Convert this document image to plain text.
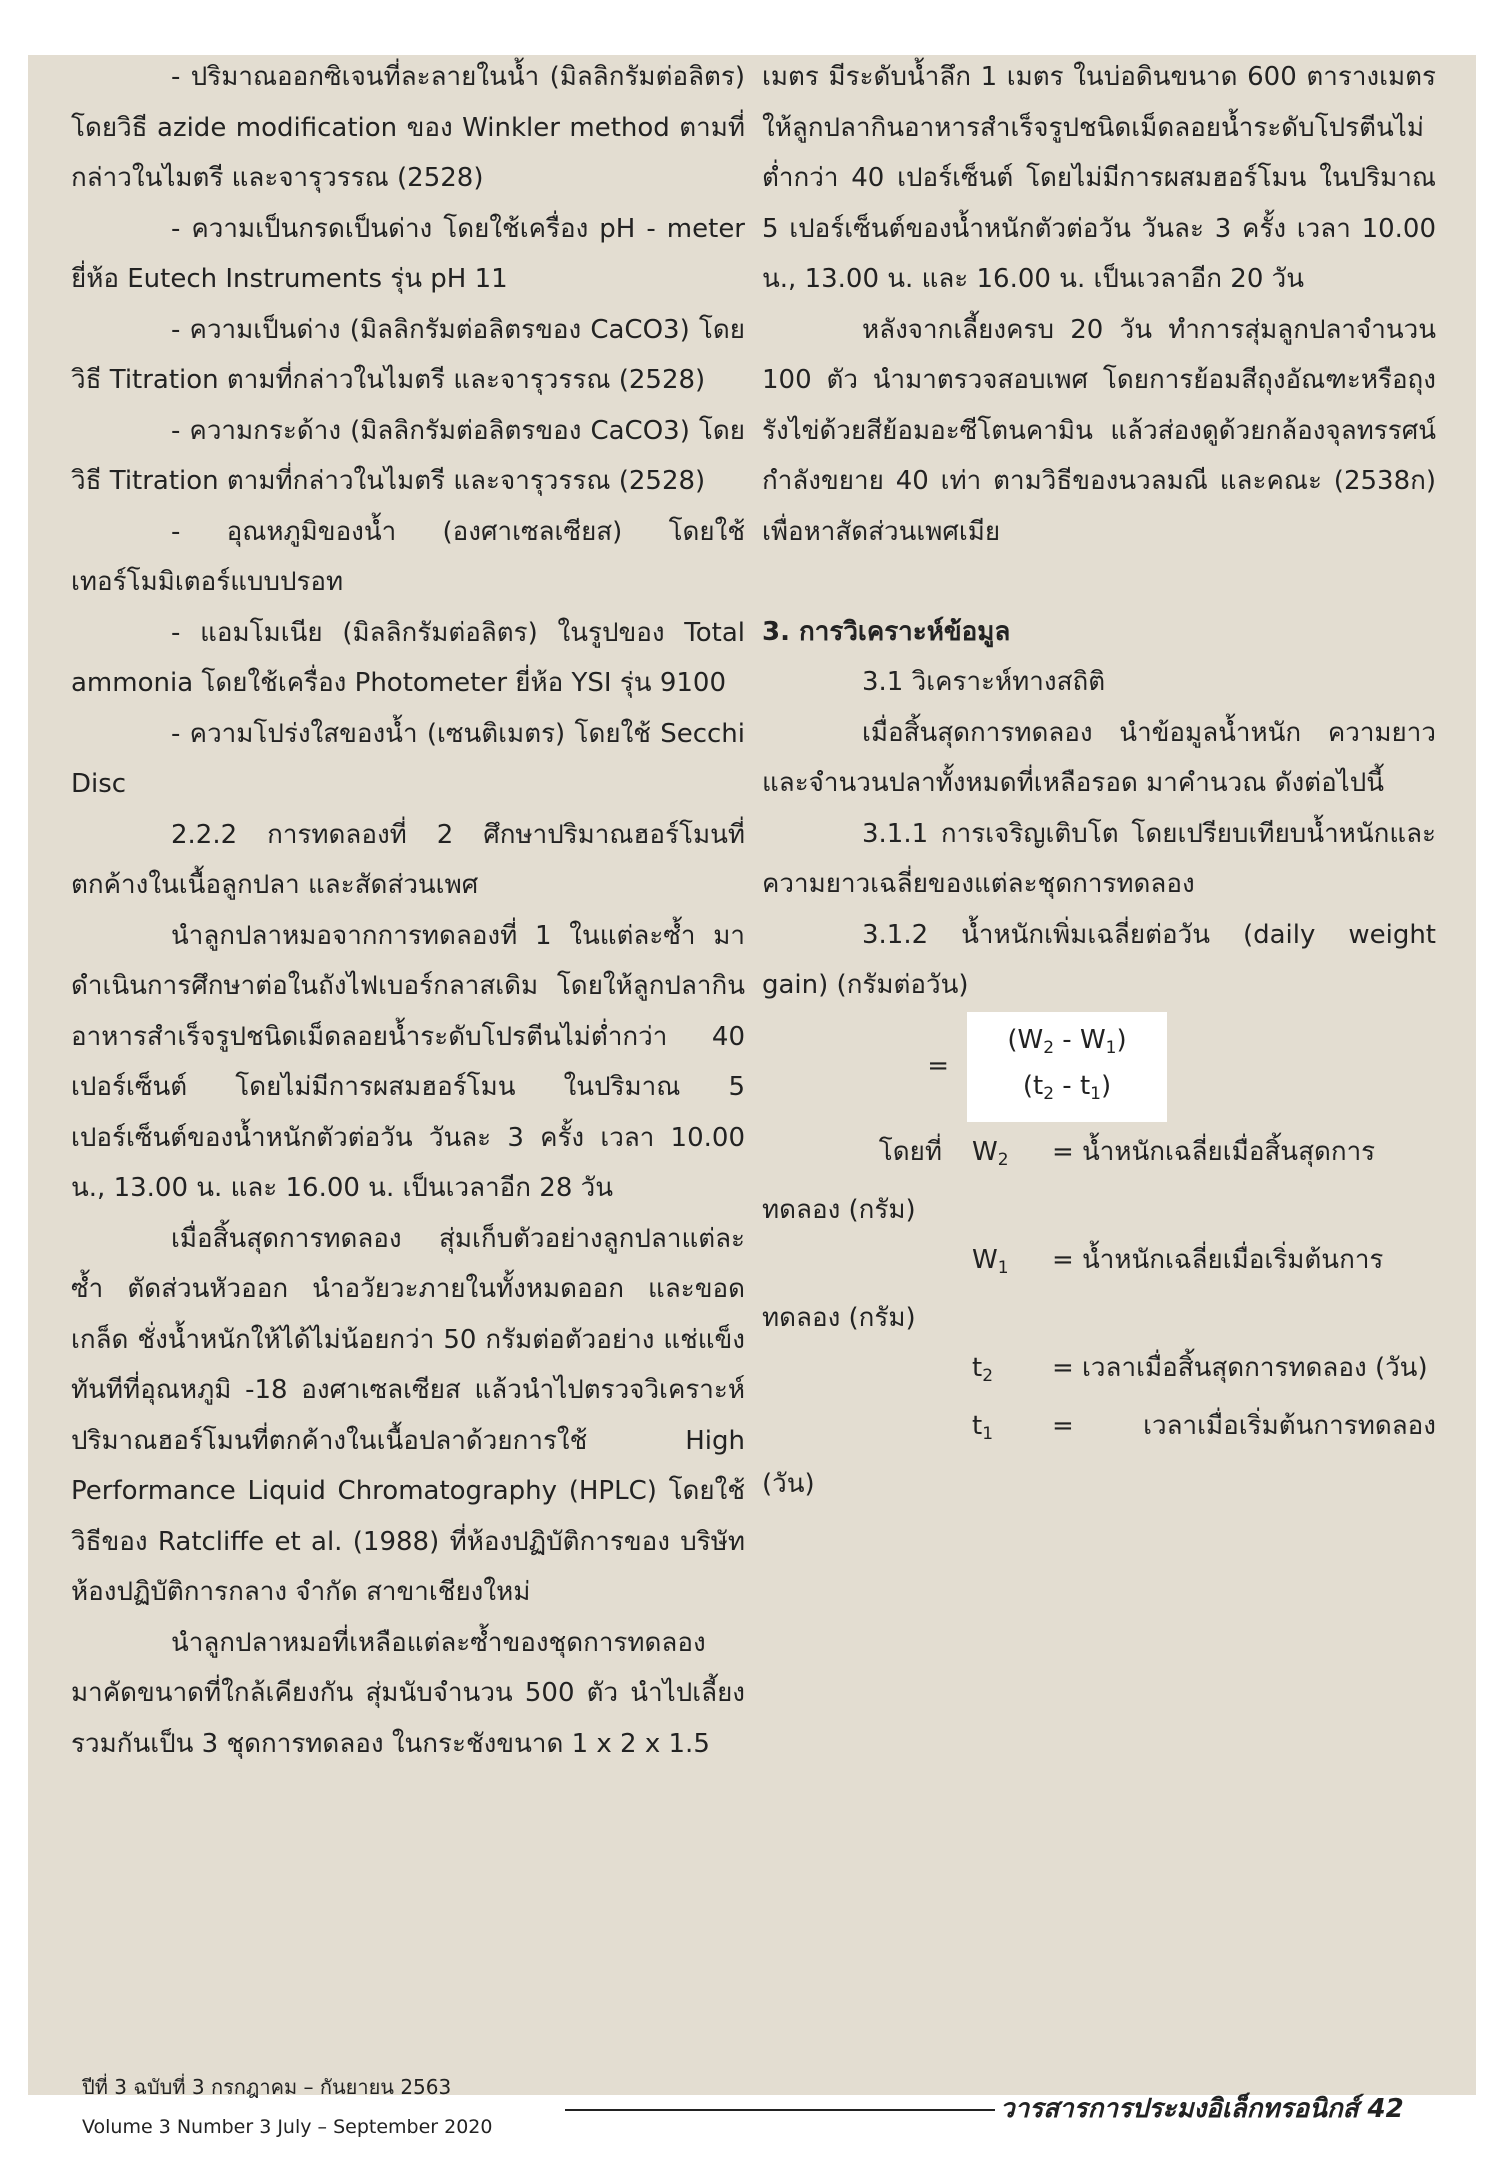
- ปริมาณออกซิเจนที่ละลายในน้ำ (มิลลิกรัมต่อลิตร) โดยวิธี azide modification ของ Winkler method ตามที่กล่าวในไมตรี และจารุวรรณ (2528)

- ความเป็นกรดเป็นด่าง โดยใช้เครื่อง pH - meter ยี่ห้อ Eutech Instruments รุ่น pH 11

- ความเป็นด่าง (มิลลิกรัมต่อลิตรของ CaCO3) โดยวิธี Titration ตามที่กล่าวในไมตรี และจารุวรรณ (2528)

- ความกระด้าง (มิลลิกรัมต่อลิตรของ CaCO3) โดยวิธี Titration ตามที่กล่าวในไมตรี และจารุวรรณ (2528)

- อุณหภูมิของน้ำ (องศาเซลเซียส) โดยใช้เทอร์โมมิเตอร์แบบปรอท

- แอมโมเนีย (มิลลิกรัมต่อลิตร) ในรูปของ Total ammonia โดยใช้เครื่อง Photometer ยี่ห้อ YSI รุ่น 9100

- ความโปร่งใสของน้ำ (เซนติเมตร) โดยใช้ Secchi Disc

2.2.2 การทดลองที่ 2 ศึกษาปริมาณฮอร์โมนที่ตกค้างในเนื้อลูกปลา และสัดส่วนเพศ

นำลูกปลาหมอจากการทดลองที่ 1 ในแต่ละซ้ำ มาดำเนินการศึกษาต่อในถังไฟเบอร์กลาสเดิม โดยให้ลูกปลากินอาหารสำเร็จรูปชนิดเม็ดลอยน้ำระดับโปรตีนไม่ต่ำกว่า 40 เปอร์เซ็นต์ โดยไม่มีการผสมฮอร์โมน ในปริมาณ 5 เปอร์เซ็นต์ของน้ำหนักตัวต่อวัน วันละ 3 ครั้ง เวลา 10.00 น., 13.00 น. และ 16.00 น. เป็นเวลาอีก 28 วัน

เมื่อสิ้นสุดการทดลอง สุ่มเก็บตัวอย่างลูกปลาแต่ละซ้ำ ตัดส่วนหัวออก นำอวัยวะภายในทั้งหมดออก และขอดเกล็ด ชั่งน้ำหนักให้ได้ไม่น้อยกว่า 50 กรัมต่อตัวอย่าง แช่แข็งทันทีที่อุณหภูมิ -18 องศาเซลเซียส แล้วนำไปตรวจวิเคราะห์ปริมาณฮอร์โมนที่ตกค้างในเนื้อปลาด้วยการใช้ High Performance Liquid Chromatography (HPLC) โดยใช้วิธีของ Ratcliffe et al. (1988) ที่ห้องปฏิบัติการของ บริษัท ห้องปฏิบัติการกลาง จำกัด สาขาเชียงใหม่

นำลูกปลาหมอที่เหลือแต่ละซ้ำของชุดการทดลอง มาคัดขนาดที่ใกล้เคียงกัน สุ่มนับจำนวน 500 ตัว นำไปเลี้ยงรวมกันเป็น 3 ชุดการทดลอง ในกระชังขนาด 1 x 2 x 1.5

เมตร มีระดับน้ำลึก 1 เมตร ในบ่อดินขนาด 600 ตารางเมตร ให้ลูกปลากินอาหารสำเร็จรูปชนิดเม็ดลอยน้ำระดับโปรตีนไม่ต่ำกว่า 40 เปอร์เซ็นต์ โดยไม่มีการผสมฮอร์โมน ในปริมาณ 5 เปอร์เซ็นต์ของน้ำหนักตัวต่อวัน วันละ 3 ครั้ง เวลา 10.00 น., 13.00 น. และ 16.00 น. เป็นเวลาอีก 20 วัน

หลังจากเลี้ยงครบ 20 วัน ทำการสุ่มลูกปลาจำนวน 100 ตัว นำมาตรวจสอบเพศ โดยการย้อมสีถุงอัณฑะหรือถุงรังไข่ด้วยสีย้อมอะซีโตนคามิน แล้วส่องดูด้วยกล้องจุลทรรศน์กำลังขยาย 40 เท่า ตามวิธีของนวลมณี และคณะ (2538ก) เพื่อหาสัดส่วนเพศเมีย

3. การวิเคราะห์ข้อมูล

3.1 วิเคราะห์ทางสถิติ

เมื่อสิ้นสุดการทดลอง นำข้อมูลน้ำหนัก ความยาว และจำนวนปลาทั้งหมดที่เหลือรอด มาคำนวณ ดังต่อไปนี้

3.1.1 การเจริญเติบโต โดยเปรียบเทียบน้ำหนักและความยาวเฉลี่ยของแต่ละชุดการทดลอง

3.1.2 น้ำหนักเพิ่มเฉลี่ยต่อวัน (daily weight gain) (กรัมต่อวัน)

=
$(W_2 - W_1)$
$(t_2 - t_1)$
โดยที่	$W_2$	= น้ำหนักเฉลี่ยเมื่อสิ้นสุดการ
ทดลอง (กรัม)
$W_1$	= น้ำหนักเฉลี่ยเมื่อเริ่มต้นการ
ทดลอง (กรัม)
$t_2$	= เวลาเมื่อสิ้นสุดการทดลอง (วัน)
$t_1$	= เวลาเมื่อเริ่มต้นการทดลอง
(วัน)
ปีที่ 3 ฉบับที่ 3 กรกฎาคม – กันยายน 2563
วารสารการประมงอิเล็กทรอนิกส์ 42
Volume 3 Number 3 July – September 2020
